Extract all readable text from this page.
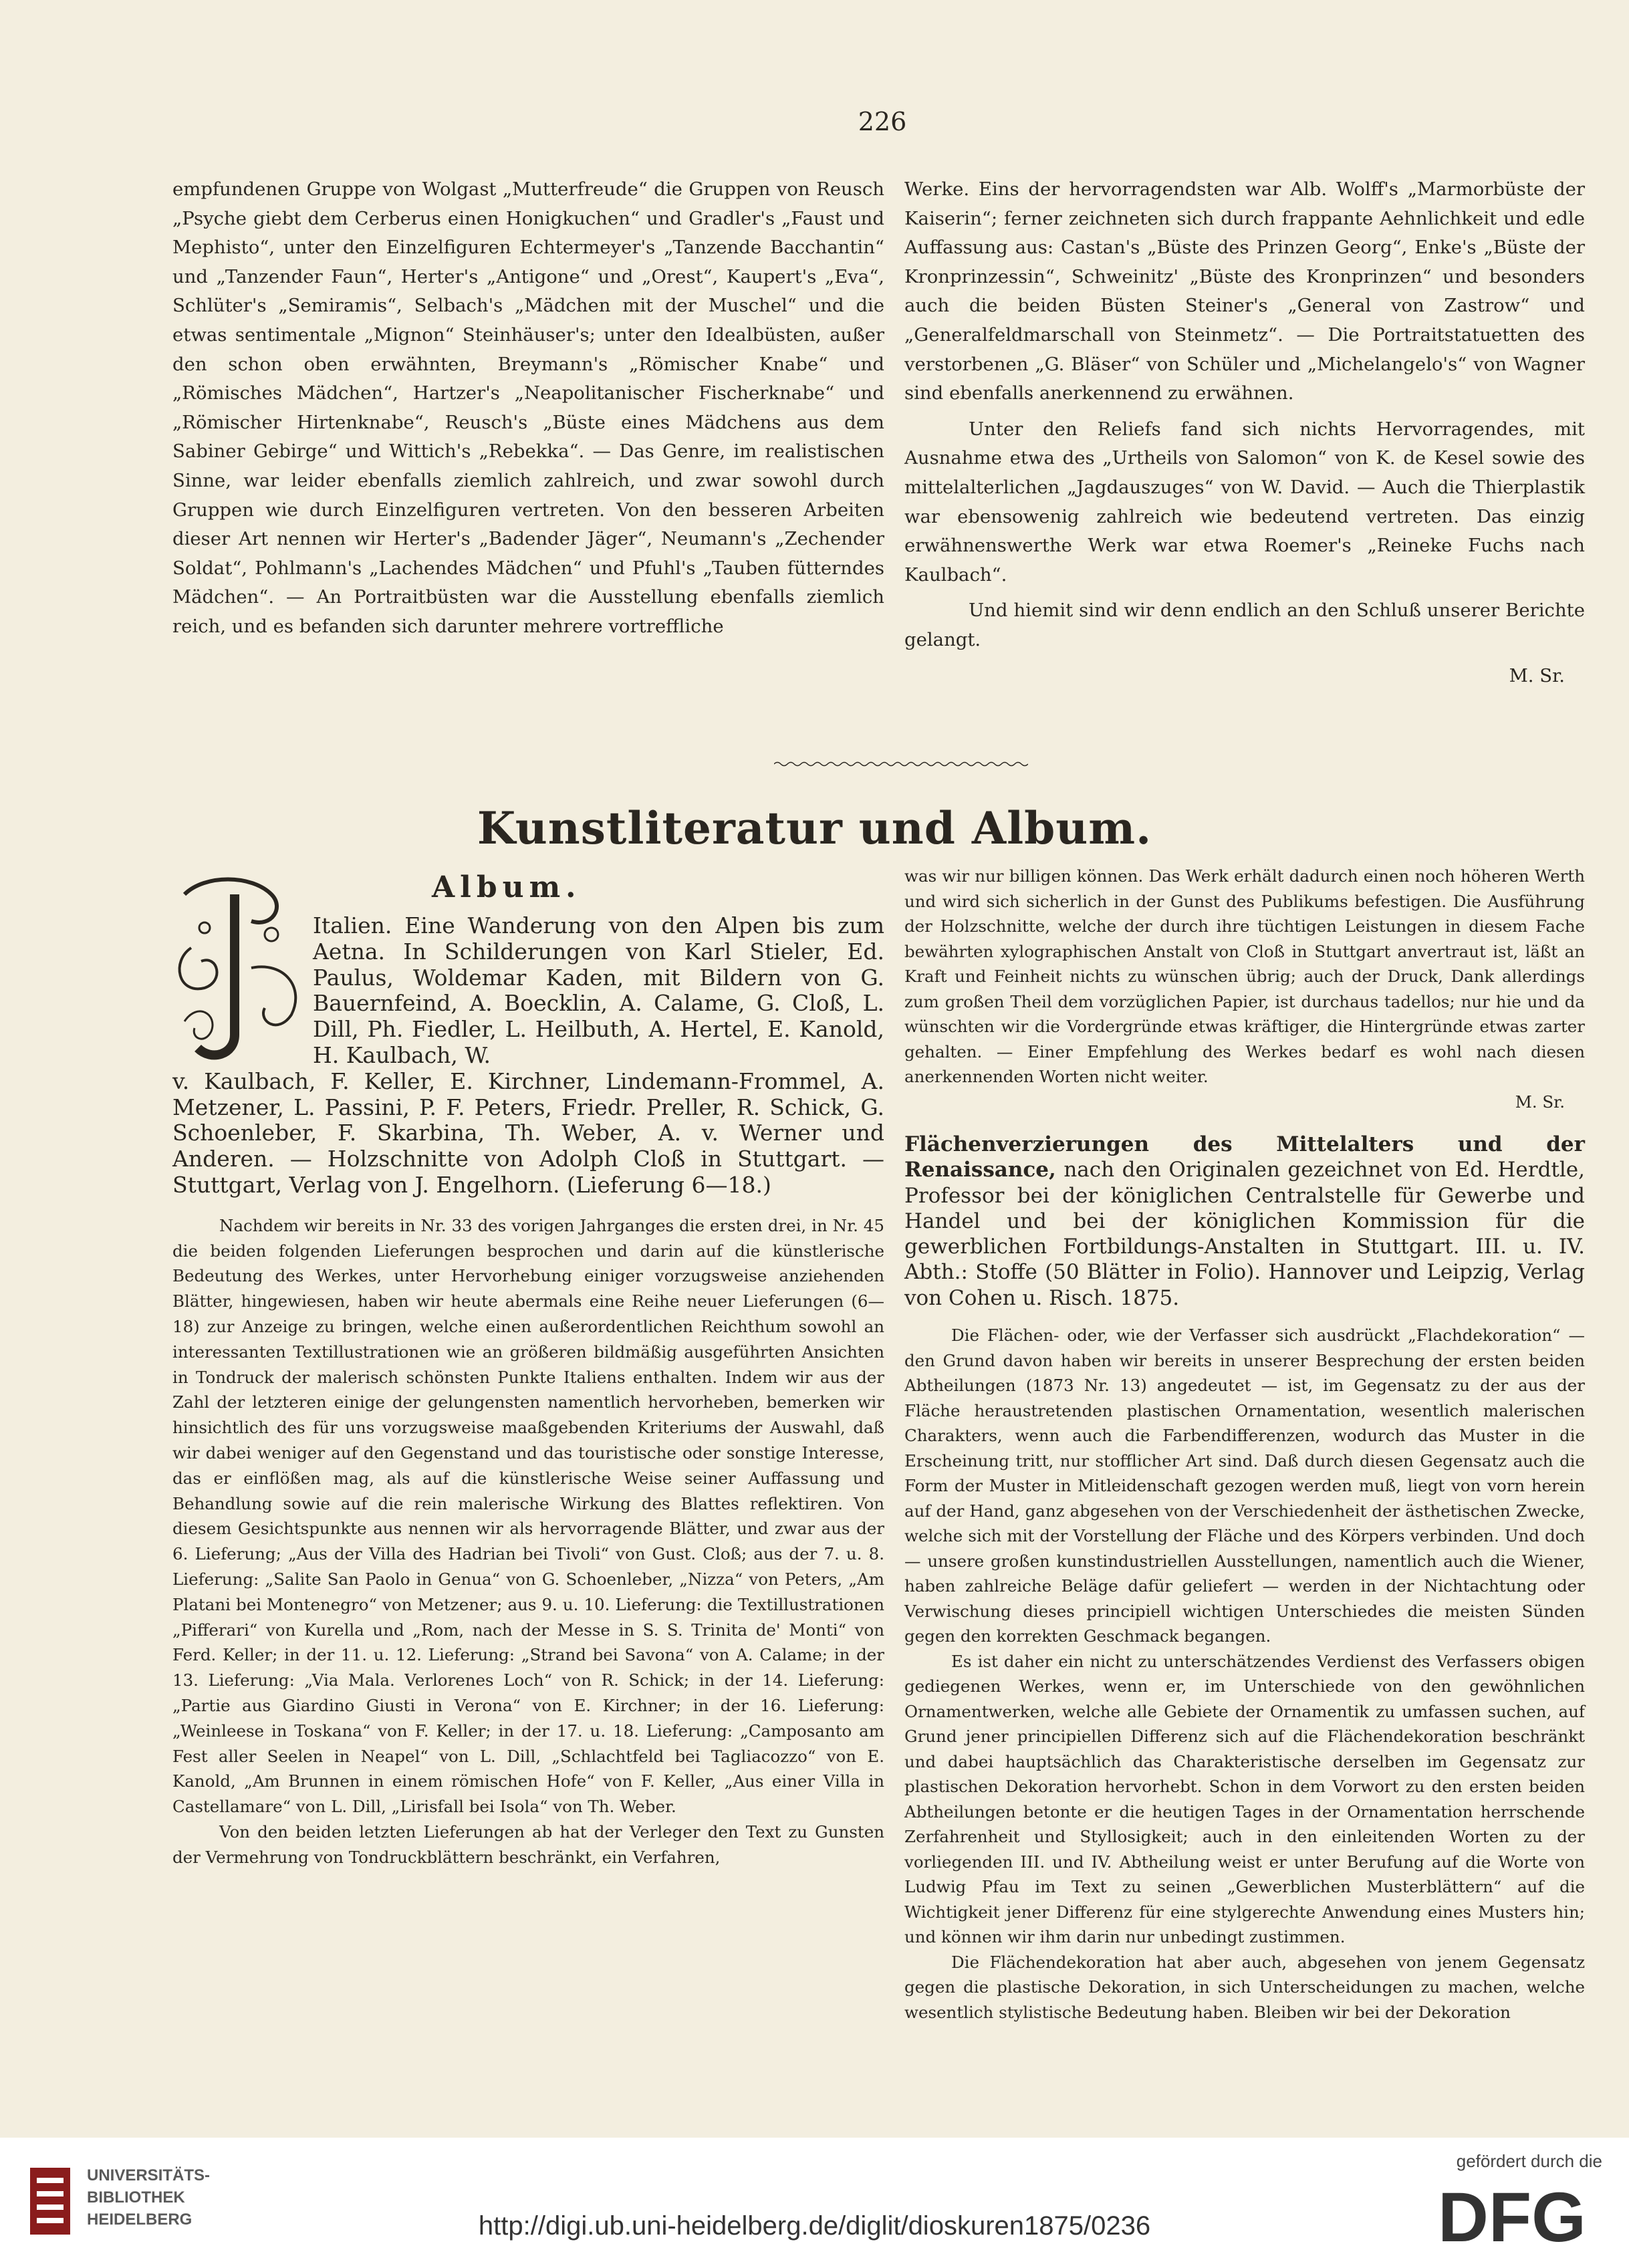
226

empfundenen Gruppe von Wolgast „Mutterfreude“ die Gruppen von Reusch „Psyche giebt dem Cerberus einen Honigkuchen“ und Gradler's „Faust und Mephisto“, unter den Einzelfiguren Echtermeyer's „Tanzende Bacchantin“ und „Tanzender Faun“, Herter's „Antigone“ und „Orest“, Kaupert's „Eva“, Schlüter's „Semiramis“, Selbach's „Mädchen mit der Muschel“ und die etwas sentimentale „Mignon“ Steinhäuser's; unter den Idealbüsten, außer den schon oben erwähnten, Breymann's „Römischer Knabe“ und „Römisches Mädchen“, Hartzer's „Neapolitanischer Fischerknabe“ und „Römischer Hirtenknabe“, Reusch's „Büste eines Mädchens aus dem Sabiner Gebirge“ und Wittich's „Rebekka“. — Das Genre, im realistischen Sinne, war leider ebenfalls ziemlich zahlreich, und zwar sowohl durch Gruppen wie durch Einzelfiguren vertreten. Von den besseren Arbeiten dieser Art nennen wir Herter's „Badender Jäger“, Neumann's „Zechender Soldat“, Pohlmann's „Lachendes Mädchen“ und Pfuhl's „Tauben fütterndes Mädchen“. — An Portraitbüsten war die Ausstellung ebenfalls ziemlich reich, und es befanden sich darunter mehrere vortreffliche

Werke. Eins der hervorragendsten war Alb. Wolff's „Marmorbüste der Kaiserin“; ferner zeichneten sich durch frappante Aehnlichkeit und edle Auffassung aus: Castan's „Büste des Prinzen Georg“, Enke's „Büste der Kronprinzessin“, Schweinitz' „Büste des Kronprinzen“ und besonders auch die beiden Büsten Steiner's „General von Zastrow“ und „Generalfeldmarschall von Steinmetz“. — Die Portraitstatuetten des verstorbenen „G. Bläser“ von Schüler und „Michelangelo's“ von Wagner sind ebenfalls anerkennend zu erwähnen.

Unter den Reliefs fand sich nichts Hervorragendes, mit Ausnahme etwa des „Urtheils von Salomon“ von K. de Kesel sowie des mittelalterlichen „Jagdauszuges“ von W. David. — Auch die Thierplastik war ebensowenig zahlreich wie bedeutend vertreten. Das einzig erwähnenswerthe Werk war etwa Roemer's „Reineke Fuchs nach Kaulbach“.

Und hiemit sind wir denn endlich an den Schluß unserer Berichte gelangt.

M. Sr.

Kunstliteratur und Album.
Album.
Italien. Eine Wanderung von den Alpen bis zum Aetna. In Schilderungen von Karl Stieler, Ed. Paulus, Woldemar Kaden, mit Bildern von G. Bauernfeind, A. Boecklin, A. Calame, G. Cloß, L. Dill, Ph. Fiedler, L. Heilbuth, A. Hertel, E. Kanold, H. Kaulbach, W.
v. Kaulbach, F. Keller, E. Kirchner, Lindemann-Frommel, A. Metzener, L. Passini, P. F. Peters, Friedr. Preller, R. Schick, G. Schoenleber, F. Skarbina, Th. Weber, A. v. Werner und Anderen. — Holzschnitte von Adolph Cloß in Stuttgart. — Stuttgart, Verlag von J. Engelhorn. (Lieferung 6—18.)

Nachdem wir bereits in Nr. 33 des vorigen Jahrganges die ersten drei, in Nr. 45 die beiden folgenden Lieferungen besprochen und darin auf die künstlerische Bedeutung des Werkes, unter Hervorhebung einiger vorzugsweise anziehenden Blätter, hingewiesen, haben wir heute abermals eine Reihe neuer Lieferungen (6—18) zur Anzeige zu bringen, welche einen außerordentlichen Reichthum sowohl an interessanten Textillustrationen wie an größeren bildmäßig ausgeführten Ansichten in Tondruck der malerisch schönsten Punkte Italiens enthalten. Indem wir aus der Zahl der letzteren einige der gelungensten namentlich hervorheben, bemerken wir hinsichtlich des für uns vorzugsweise maaßgebenden Kriteriums der Auswahl, daß wir dabei weniger auf den Gegenstand und das touristische oder sonstige Interesse, das er einflößen mag, als auf die künstlerische Weise seiner Auffassung und Behandlung sowie auf die rein malerische Wirkung des Blattes reflektiren. Von diesem Gesichtspunkte aus nennen wir als hervorragende Blätter, und zwar aus der 6. Lieferung; „Aus der Villa des Hadrian bei Tivoli“ von Gust. Cloß; aus der 7. u. 8. Lieferung: „Salite San Paolo in Genua“ von G. Schoenleber, „Nizza“ von Peters, „Am Platani bei Montenegro“ von Metzener; aus 9. u. 10. Lieferung: die Textillustrationen „Pifferari“ von Kurella und „Rom, nach der Messe in S. S. Trinita de' Monti“ von Ferd. Keller; in der 11. u. 12. Lieferung: „Strand bei Savona“ von A. Calame; in der 13. Lieferung: „Via Mala. Verlorenes Loch“ von R. Schick; in der 14. Lieferung: „Partie aus Giardino Giusti in Verona“ von E. Kirchner; in der 16. Lieferung: „Weinleese in Toskana“ von F. Keller; in der 17. u. 18. Lieferung: „Camposanto am Fest aller Seelen in Neapel“ von L. Dill, „Schlachtfeld bei Tagliacozzo“ von E. Kanold, „Am Brunnen in einem römischen Hofe“ von F. Keller, „Aus einer Villa in Castellamare“ von L. Dill, „Lirisfall bei Isola“ von Th. Weber.

Von den beiden letzten Lieferungen ab hat der Verleger den Text zu Gunsten der Vermehrung von Tondruckblättern beschränkt, ein Verfahren,

was wir nur billigen können. Das Werk erhält dadurch einen noch höheren Werth und wird sich sicherlich in der Gunst des Publikums befestigen. Die Ausführung der Holzschnitte, welche der durch ihre tüchtigen Leistungen in diesem Fache bewährten xylographischen Anstalt von Cloß in Stuttgart anvertraut ist, läßt an Kraft und Feinheit nichts zu wünschen übrig; auch der Druck, Dank allerdings zum großen Theil dem vorzüglichen Papier, ist durchaus tadellos; nur hie und da wünschten wir die Vordergründe etwas kräftiger, die Hintergründe etwas zarter gehalten. — Einer Empfehlung des Werkes bedarf es wohl nach diesen anerkennenden Worten nicht weiter.

M. Sr.

Flächenverzierungen des Mittelalters und der Renaissance, nach den Originalen gezeichnet von Ed. Herdtle, Professor bei der königlichen Centralstelle für Gewerbe und Handel und bei der königlichen Kommission für die gewerblichen Fortbildungs-Anstalten in Stuttgart. III. u. IV. Abth.: Stoffe (50 Blätter in Folio). Hannover und Leipzig, Verlag von Cohen u. Risch. 1875.

Die Flächen- oder, wie der Verfasser sich ausdrückt „Flachdekoration“ — den Grund davon haben wir bereits in unserer Besprechung der ersten beiden Abtheilungen (1873 Nr. 13) angedeutet — ist, im Gegensatz zu der aus der Fläche heraustretenden plastischen Ornamentation, wesentlich malerischen Charakters, wenn auch die Farbendifferenzen, wodurch das Muster in die Erscheinung tritt, nur stofflicher Art sind. Daß durch diesen Gegensatz auch die Form der Muster in Mitleidenschaft gezogen werden muß, liegt von vorn herein auf der Hand, ganz abgesehen von der Verschiedenheit der ästhetischen Zwecke, welche sich mit der Vorstellung der Fläche und des Körpers verbinden. Und doch — unsere großen kunstindustriellen Ausstellungen, namentlich auch die Wiener, haben zahlreiche Beläge dafür geliefert — werden in der Nichtachtung oder Verwischung dieses principiell wichtigen Unterschiedes die meisten Sünden gegen den korrekten Geschmack begangen.

Es ist daher ein nicht zu unterschätzendes Verdienst des Verfassers obigen gediegenen Werkes, wenn er, im Unterschiede von den gewöhnlichen Ornamentwerken, welche alle Gebiete der Ornamentik zu umfassen suchen, auf Grund jener principiellen Differenz sich auf die Flächendekoration beschränkt und dabei hauptsächlich das Charakteristische derselben im Gegensatz zur plastischen Dekoration hervorhebt. Schon in dem Vorwort zu den ersten beiden Abtheilungen betonte er die heutigen Tages in der Ornamentation herrschende Zerfahrenheit und Styllosigkeit; auch in den einleitenden Worten zu der vorliegenden III. und IV. Abtheilung weist er unter Berufung auf die Worte von Ludwig Pfau im Text zu seinen „Gewerblichen Musterblättern“ auf die Wichtigkeit jener Differenz für eine stylgerechte Anwendung eines Musters hin; und können wir ihm darin nur unbedingt zustimmen.

Die Flächendekoration hat aber auch, abgesehen von jenem Gegensatz gegen die plastische Dekoration, in sich Unterscheidungen zu machen, welche wesentlich stylistische Bedeutung haben. Bleiben wir bei der Dekoration

UNIVERSITÄTS-
BIBLIOTHEK
HEIDELBERG	http://digi.ub.uni-heidelberg.de/diglit/dioskuren1875/0236
gefördert durch die
DFG
